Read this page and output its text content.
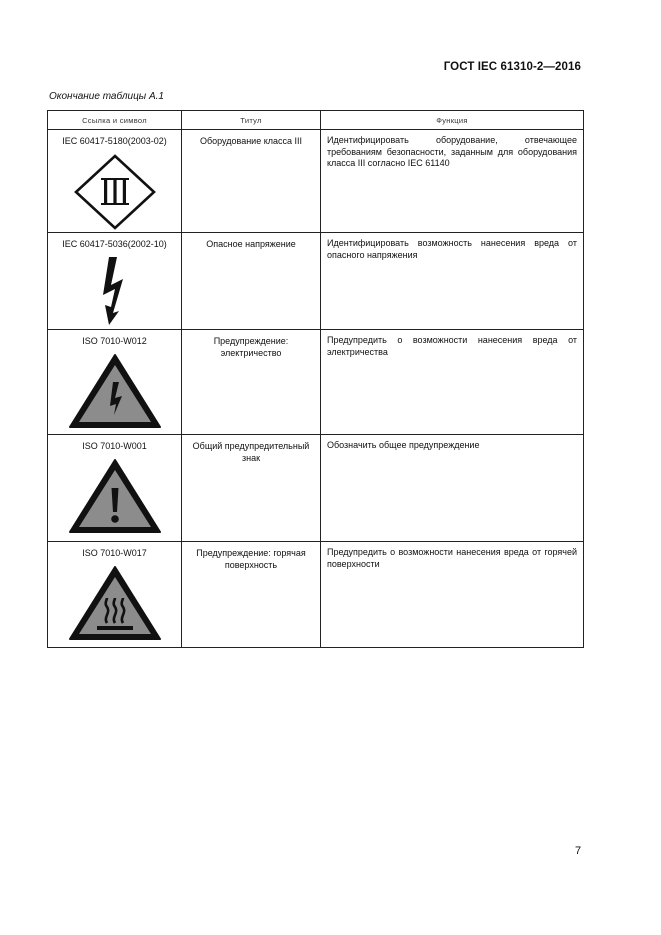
ГОСТ IEC 61310-2—2016
Окончание таблицы А.1
Ссылка и символ	Титул	Функция

IEC 60417-5180(2003-02)	Оборудование класса III	Идентифицировать оборудование, отвечающее требованиям безопасности, заданным для оборудования класса III согласно IEC 61140

IEC 60417-5036(2002-10)	Опасное напряжение	Идентифицировать возможность нанесения вреда от опасного напряжения

ISO 7010-W012	Предупреждение: электричество	Предупредить о возможности нанесения вреда от электричества

ISO 7010-W001	Общий предупредительный знак	Обозначить общее предупреждение

ISO 7010-W017	Предупреждение: горячая поверхность	Предупредить о возможности нанесения вреда от горячей поверхности
7
